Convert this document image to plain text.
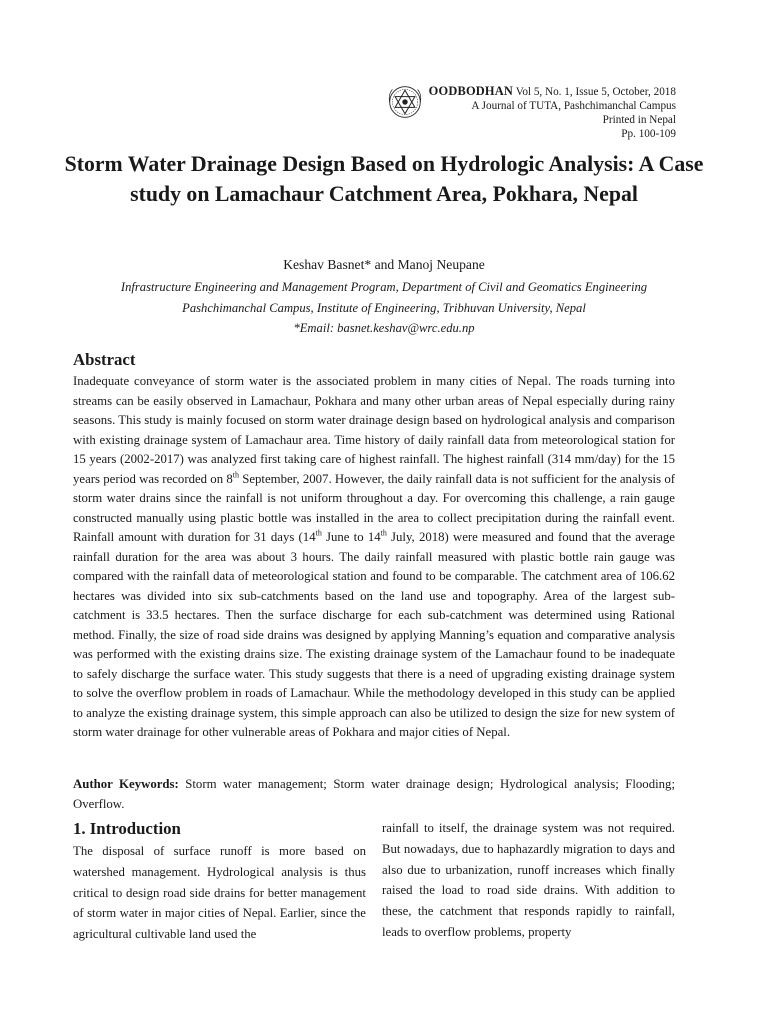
OODBODHAN Vol 5, No. 1, Issue 5, October, 2018
A Journal of TUTA, Pashchimanchal Campus
Printed in Nepal
Pp. 100-109
Storm Water Drainage Design Based on Hydrologic Analysis: A Case study on Lamachaur Catchment Area, Pokhara, Nepal
Keshav Basnet* and Manoj Neupane
Infrastructure Engineering and Management Program, Department of Civil and Geomatics Engineering
Pashchimanchal Campus, Institute of Engineering, Tribhuvan University, Nepal
*Email: basnet.keshav@wrc.edu.np
Abstract

Inadequate conveyance of storm water is the associated problem in many cities of Nepal. The roads turning into streams can be easily observed in Lamachaur, Pokhara and many other urban areas of Nepal especially during rainy seasons. This study is mainly focused on storm water drainage design based on hydrological analysis and comparison with existing drainage system of Lamachaur area. Time history of daily rainfall data from meteorological station for 15 years (2002-2017) was analyzed first taking care of highest rainfall. The highest rainfall (314 mm/day) for the 15 years period was recorded on 8th September, 2007. However, the daily rainfall data is not sufficient for the analysis of storm water drains since the rainfall is not uniform throughout a day. For overcoming this challenge, a rain gauge constructed manually using plastic bottle was installed in the area to collect precipitation during the rainfall event. Rainfall amount with duration for 31 days (14th June to 14th July, 2018) were measured and found that the average rainfall duration for the area was about 3 hours. The daily rainfall measured with plastic bottle rain gauge was compared with the rainfall data of meteorological station and found to be comparable. The catchment area of 106.62 hectares was divided into six sub-catchments based on the land use and topography. Area of the largest sub-catchment is 33.5 hectares. Then the surface discharge for each sub-catchment was determined using Rational method. Finally, the size of road side drains was designed by applying Manning’s equation and comparative analysis was performed with the existing drains size. The existing drainage system of the Lamachaur found to be inadequate to safely discharge the surface water. This study suggests that there is a need of upgrading existing drainage system to solve the overflow problem in roads of Lamachaur. While the methodology developed in this study can be applied to analyze the existing drainage system, this simple approach can also be utilized to design the size for new system of storm water drainage for other vulnerable areas of Pokhara and major cities of Nepal.

Author Keywords: Storm water management; Storm water drainage design; Hydrological analysis; Flooding; Overflow.

1. Introduction

The disposal of surface runoff is more based on watershed management. Hydrological analysis is thus critical to design road side drains for better management of storm water in major cities of Nepal. Earlier, since the agricultural cultivable land used the

rainfall to itself, the drainage system was not required. But nowadays, due to haphazardly migration to days and also due to urbanization, runoff increases which finally raised the load to road side drains. With addition to these, the catchment that responds rapidly to rainfall, leads to overflow problems, property
